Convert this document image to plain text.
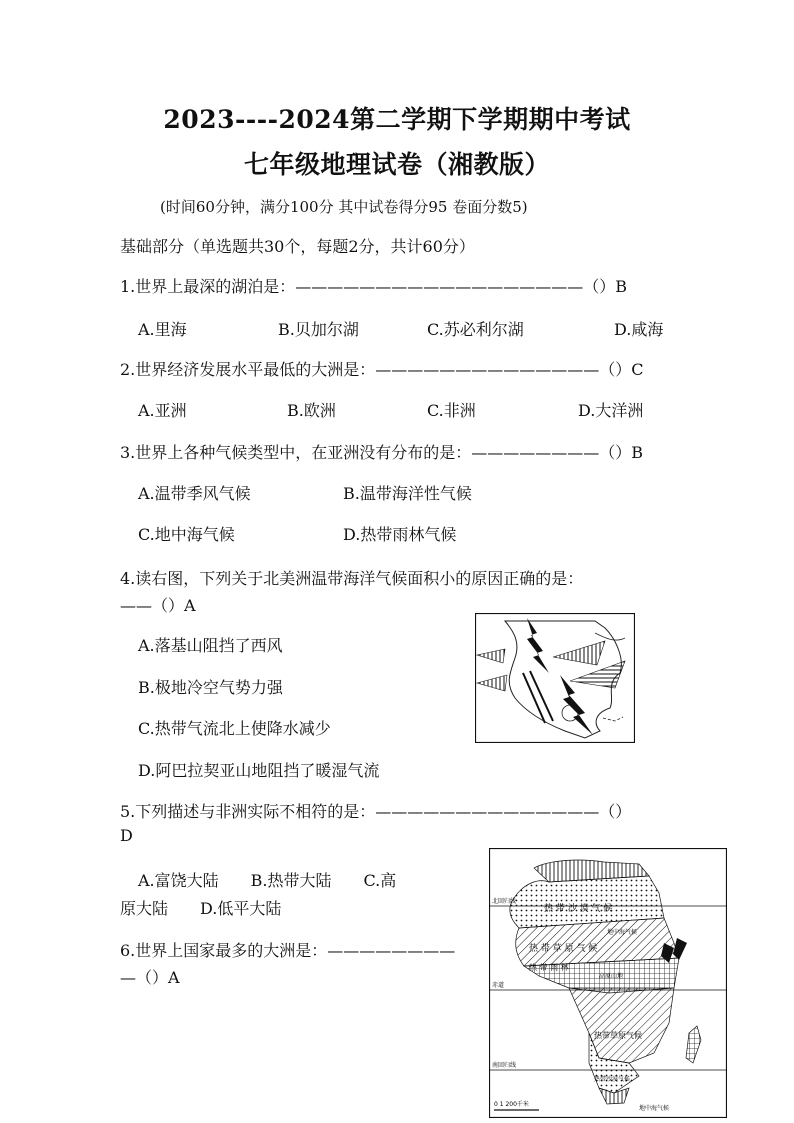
2023----2024第二学期下学期期中考试
七年级地理试卷（湘教版）
(时间60分钟，满分100分 其中试卷得分95 卷面分数5)
基础部分（单选题共30个，每题2分，共计60分）
1.世界上最深的湖泊是：——————————————————（）B
A.里海	B.贝加尔湖	C.苏必利尔湖	D.咸海
2.世界经济发展水平最低的大洲是：——————————————（）C
A.亚洲	B.欧洲	C.非洲	D.大洋洲
3.世界上各种气候类型中，在亚洲没有分布的是：————————（）B
A.温带季风气候	B.温带海洋性气候
C.地中海气候	D.热带雨林气候
4.读右图，下列关于北美洲温带海洋气候面积小的原因正确的是：
——（）A
A.落基山阻挡了西风
B.极地冷空气势力强
C.热带气流北上使降水减少
D.阿巴拉契亚山地阻挡了暖湿气流
5.下列描述与非洲实际不相符的是：——————————————（）
D
A.富饶大陆　　B.热带大陆　　C.高
原大陆　　D.低平大陆
6.世界上国家最多的大洲是：————————
—（）A
北回归线
热 带 沙 漠 气 候
地中海气候
热 带 草 原 气 候
热 带 雨 林
高原山地
赤道
热带草原气候
南回归线
热带沙漠气候
0 1 200千米
地中海气候
